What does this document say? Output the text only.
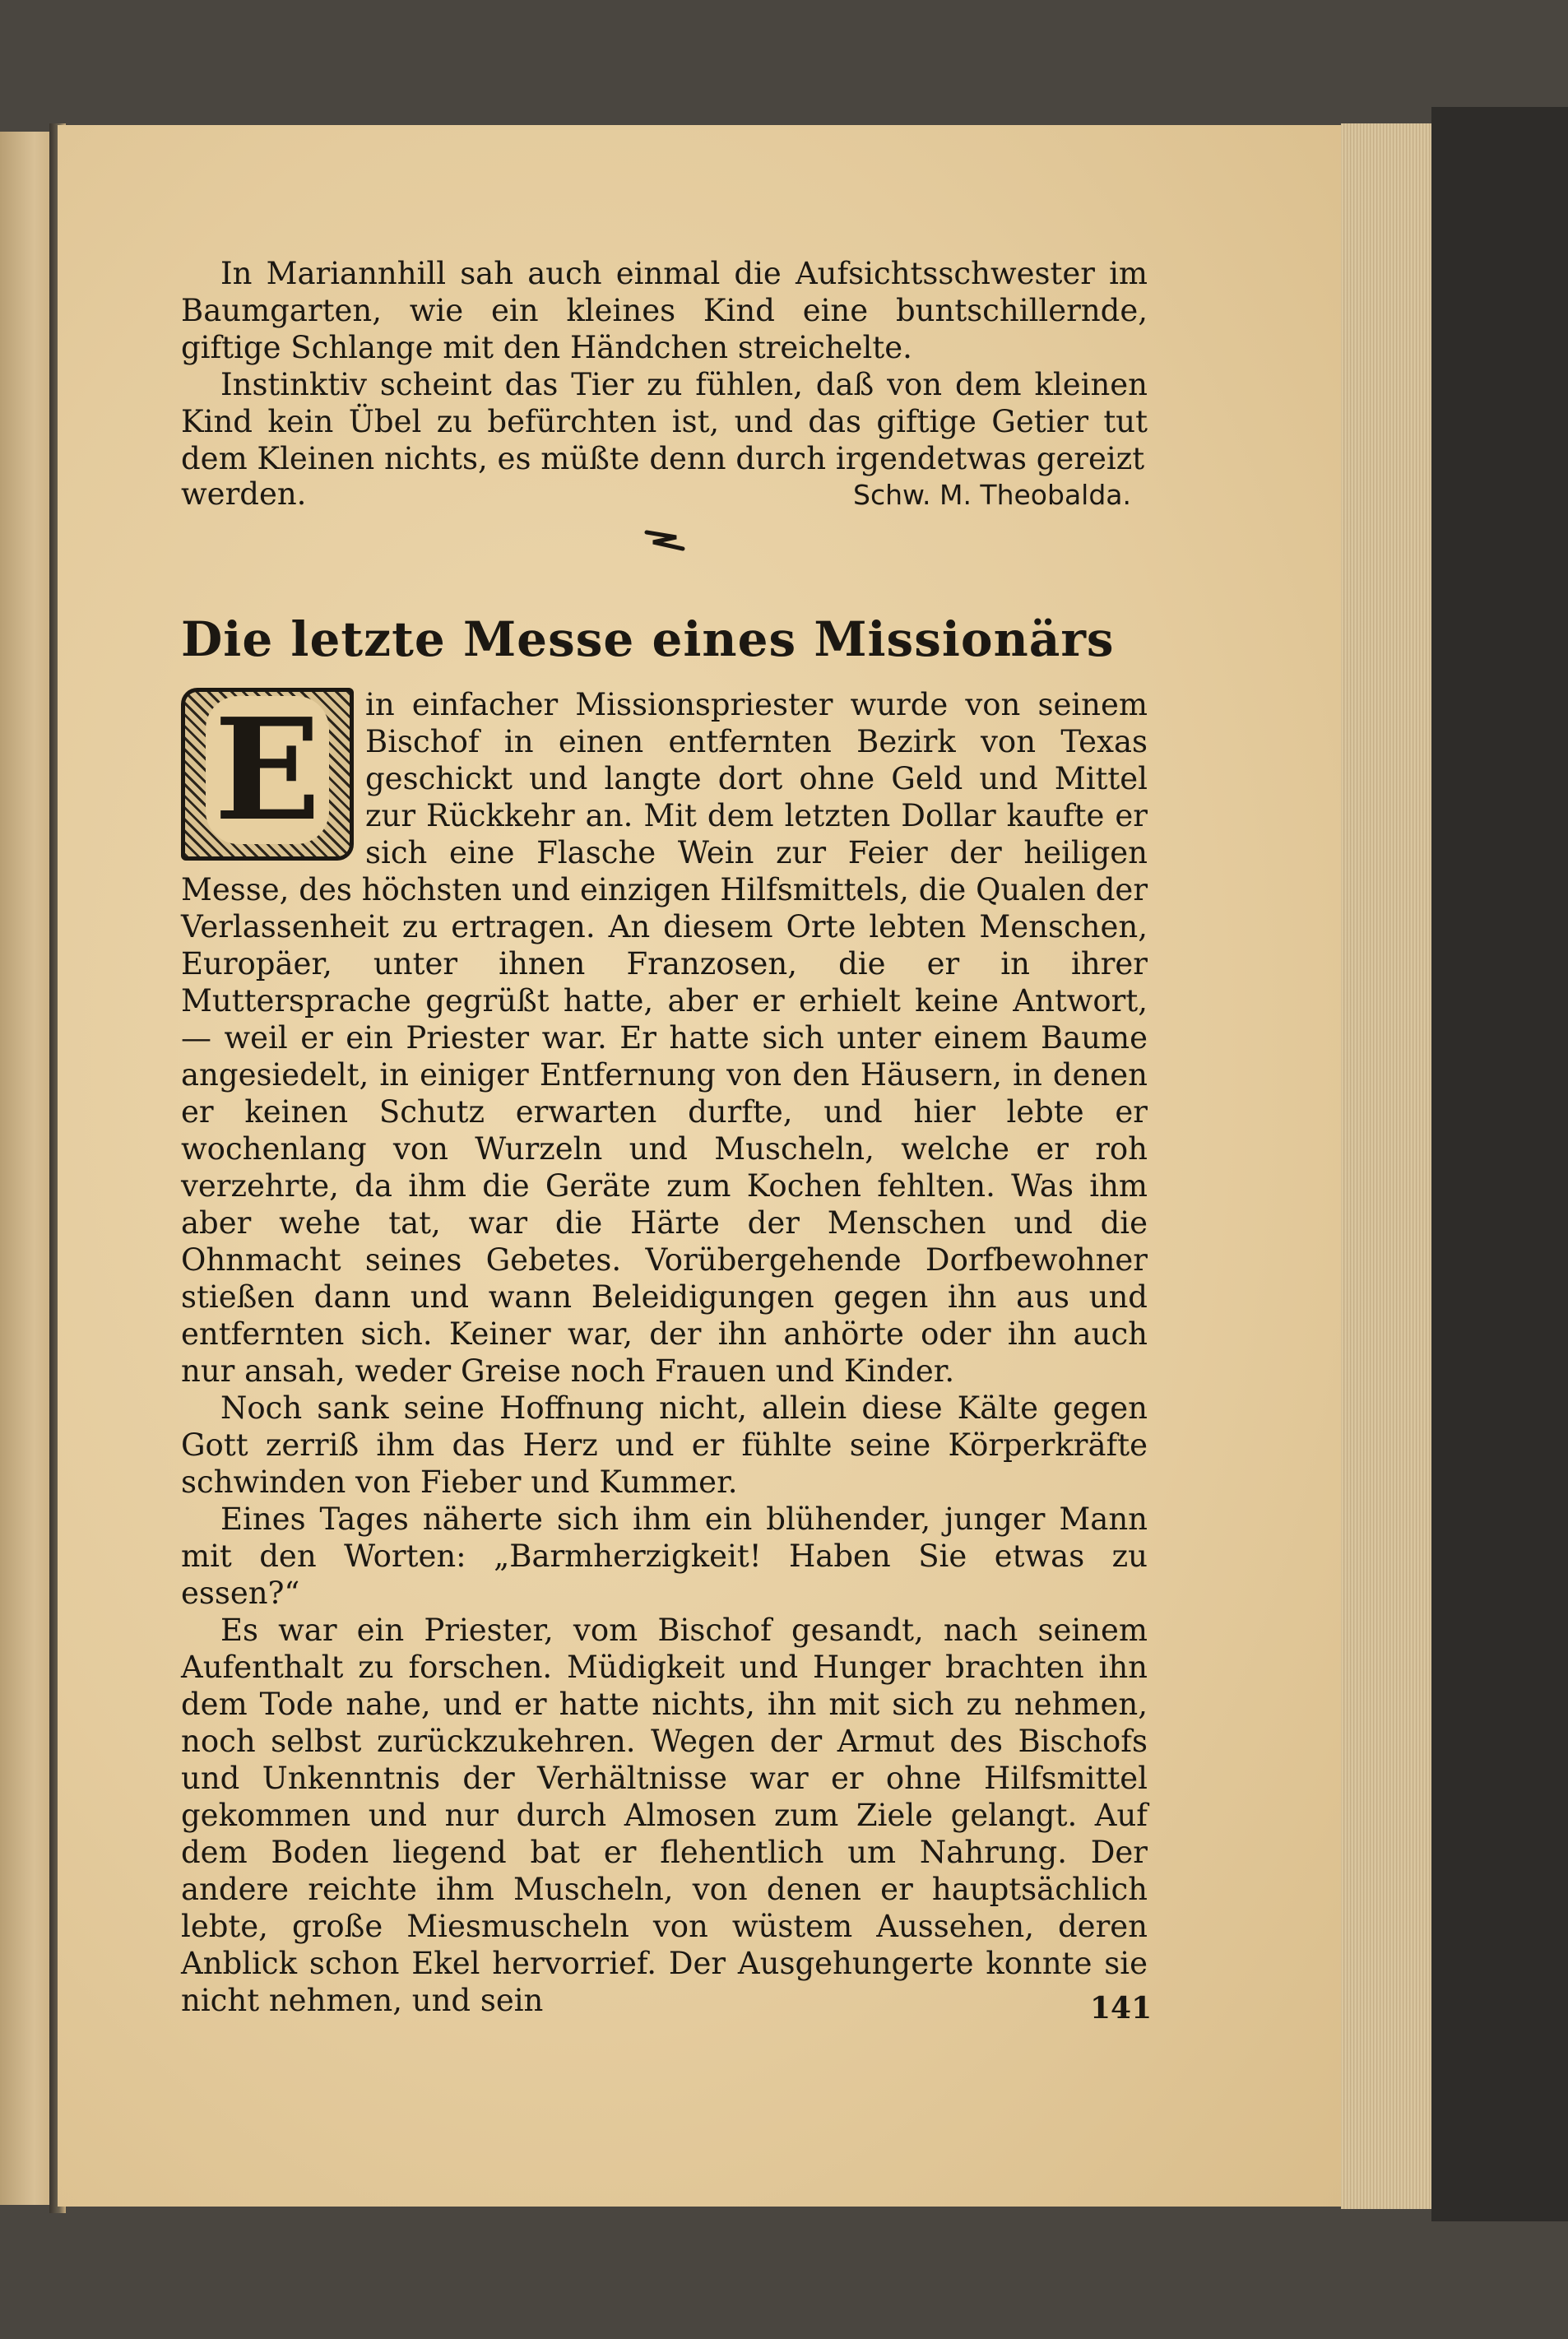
In Mariannhill sah auch einmal die Aufsichtsschwester im Baumgarten, wie ein kleines Kind eine buntschillernde, giftige Schlange mit den Händchen streichelte.

Instinktiv scheint das Tier zu fühlen, daß von dem kleinen Kind kein Übel zu befürchten ist, und das giftige Getier tut dem Kleinen nichts, es müßte denn durch irgendetwas gereizt

werden.	Schw. M. Theobalda.
Die letzte Messe eines Missionärs
E	in einfacher Missionspriester wurde von seinem Bischof in einen entfernten Bezirk von Texas geschickt und langte dort ohne Geld und Mittel zur Rückkehr an. Mit dem letzten Dollar kaufte er sich eine Flasche Wein zur Feier der heiligen Messe, des höchsten und einzigen Hilfsmittels, die Qualen der Verlassenheit zu ertragen. An diesem Orte lebten Menschen, Europäer, unter ihnen Franzosen, die er in ihrer Muttersprache gegrüßt hatte, aber er erhielt keine Antwort, — weil er ein Priester war. Er hatte sich unter einem Baume angesiedelt, in einiger Entfernung von den Häusern, in denen er keinen Schutz erwarten durfte, und hier lebte er wochenlang von Wurzeln und Muscheln, welche er roh verzehrte, da ihm die Geräte zum Kochen fehlten. Was ihm aber wehe tat, war die Härte der Menschen und die Ohnmacht seines Gebetes. Vorübergehende Dorfbewohner stießen dann und wann Beleidigungen gegen ihn aus und entfernten sich. Keiner war, der ihn anhörte oder ihn auch nur ansah, weder Greise noch Frauen und Kinder.

Noch sank seine Hoffnung nicht, allein diese Kälte gegen Gott zerriß ihm das Herz und er fühlte seine Körperkräfte schwinden von Fieber und Kummer.

Eines Tages näherte sich ihm ein blühender, junger Mann mit den Worten: „Barmherzigkeit! Haben Sie etwas zu essen?“

Es war ein Priester, vom Bischof gesandt, nach seinem Aufenthalt zu forschen. Müdigkeit und Hunger brachten ihn dem Tode nahe, und er hatte nichts, ihn mit sich zu nehmen, noch selbst zurückzukehren. Wegen der Armut des Bischofs und Unkenntnis der Verhältnisse war er ohne Hilfsmittel gekommen und nur durch Almosen zum Ziele gelangt. Auf dem Boden liegend bat er flehentlich um Nahrung. Der andere reichte ihm Muscheln, von denen er hauptsächlich lebte, große Miesmuscheln von wüstem Aussehen, deren Anblick schon Ekel hervorrief. Der Ausgehungerte konnte sie nicht nehmen, und sein	141
